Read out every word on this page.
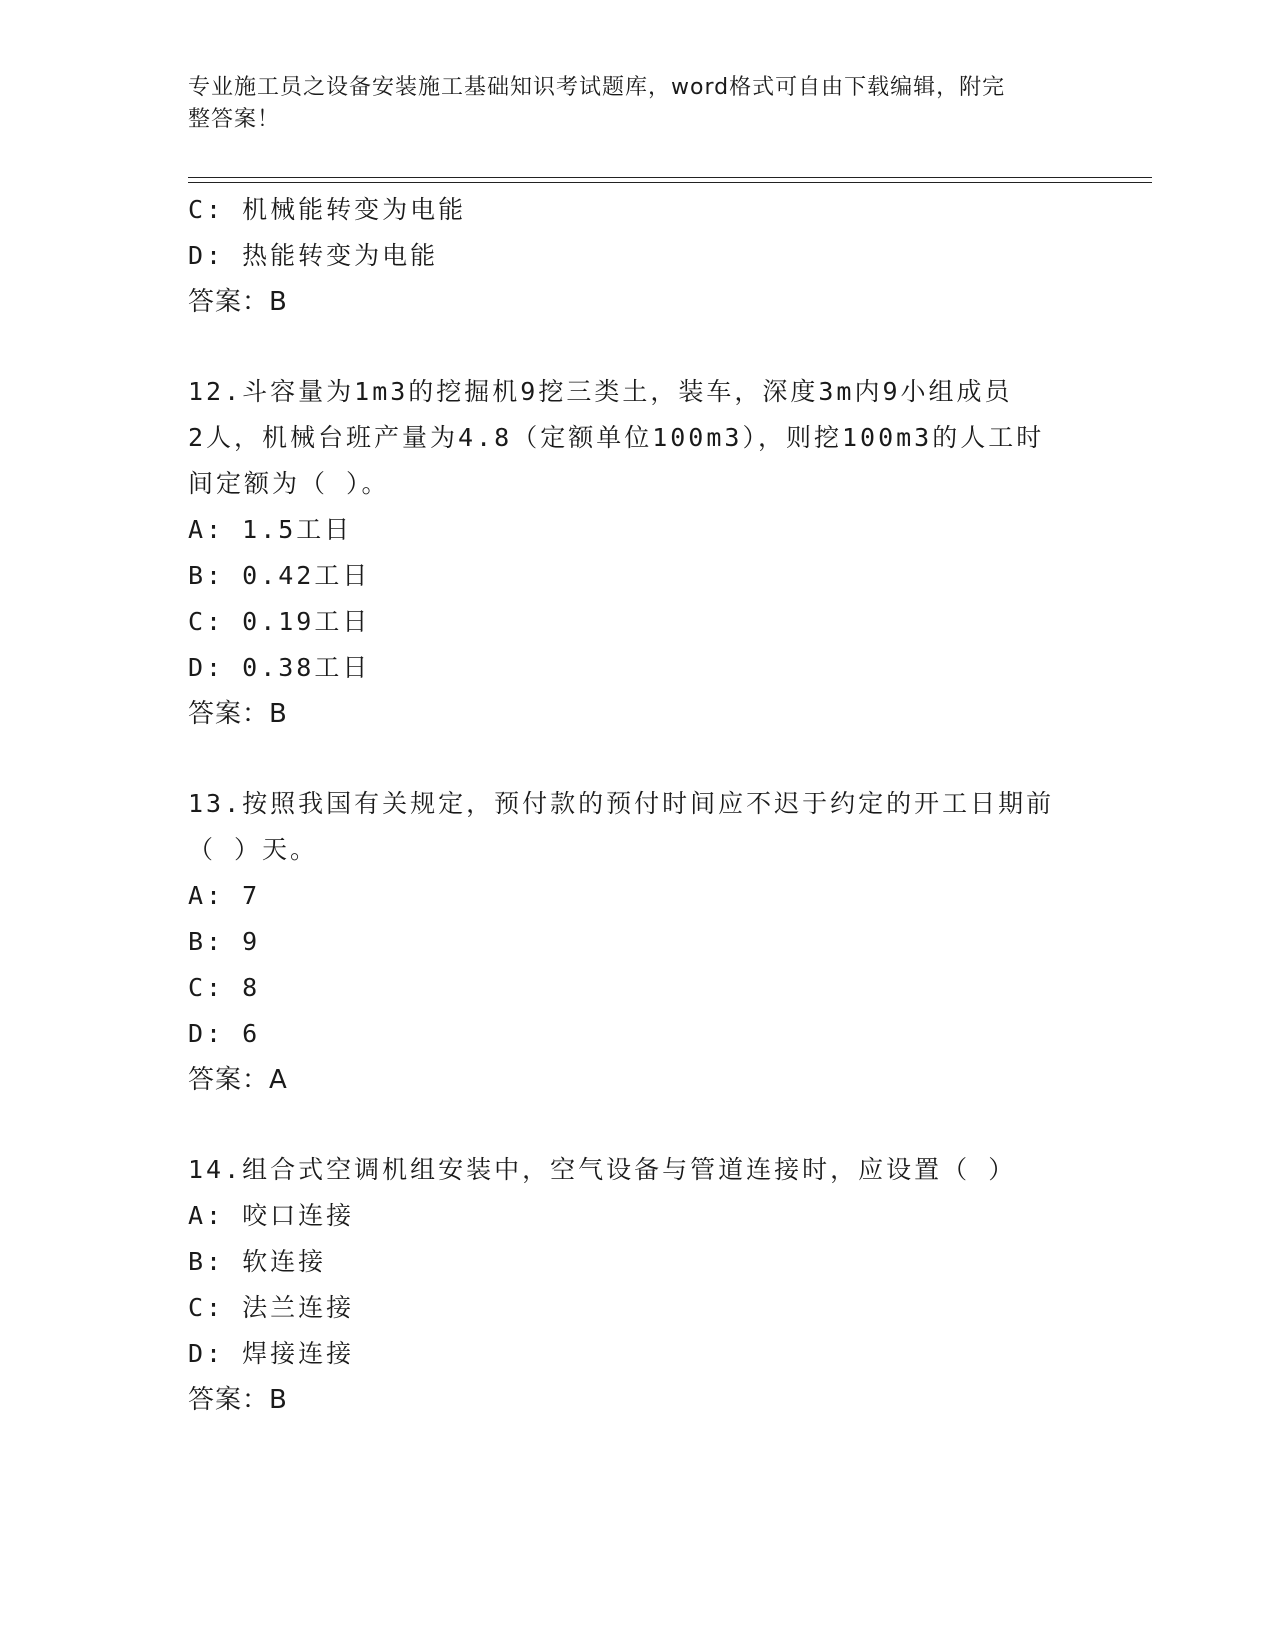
专业施工员之设备安装施工基础知识考试题库，word格式可自由下载编辑，附完
整答案！
C: 机械能转变为电能
D: 热能转变为电能
答案：B
12.斗容量为1m3的挖掘机9挖三类土，装车，深度3m内9小组成员
2人，机械台班产量为4.8（定额单位100m3），则挖100m3的人工时
间定额为（ ）。
A: 1.5工日
B: 0.42工日
C: 0.19工日
D: 0.38工日
答案：B
13.按照我国有关规定，预付款的预付时间应不迟于约定的开工日期前
（ ）天。
A: 7
B: 9
C: 8
D: 6
答案：A
14.组合式空调机组安装中，空气设备与管道连接时，应设置（ ）
A: 咬口连接
B: 软连接
C: 法兰连接
D: 焊接连接
答案：B
